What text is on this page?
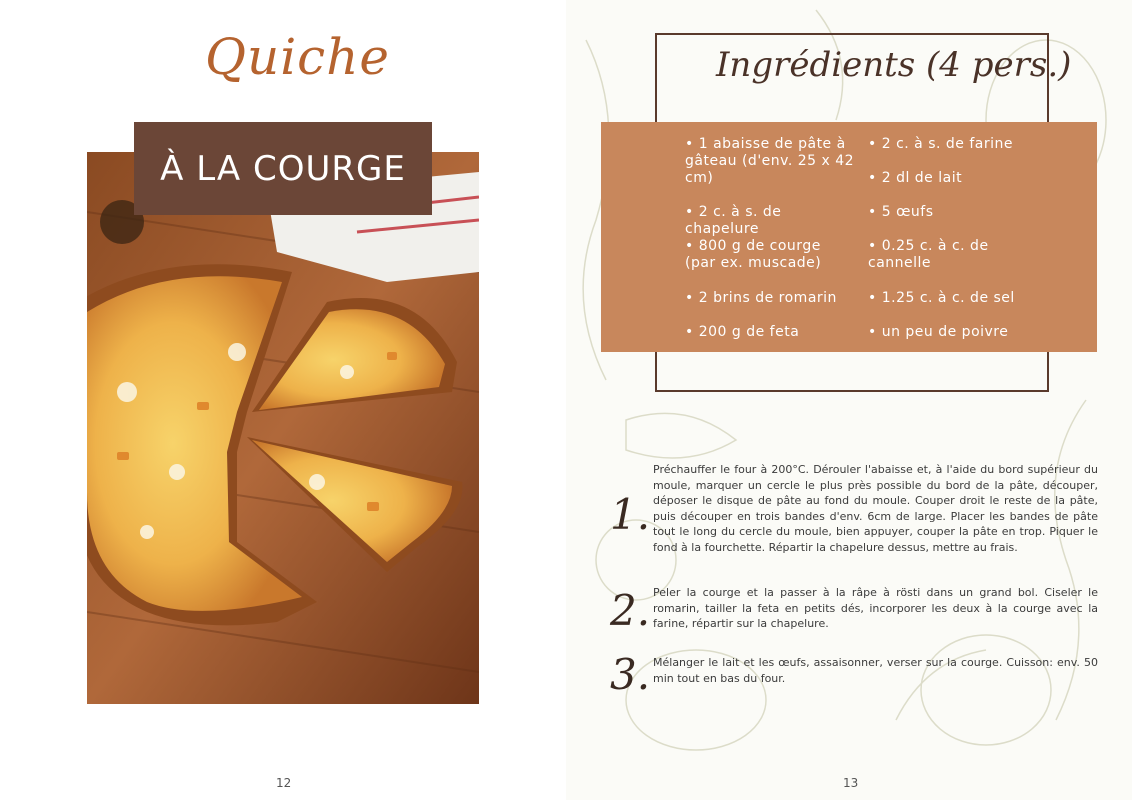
Quiche
À LA COURGE
12
Ingrédients (4 pers.)
• 1 abaisse de pâte à gâteau (d'env. 25 x 42 cm)
• 2 c. à s. de chapelure
• 800 g de courge (par ex. muscade)
• 2 brins de romarin
• 200 g de feta
• 2 c. à s. de farine
• 2 dl de lait
• 5 œufs
• 0.25 c. à c. de cannelle
• 1.25 c. à c. de sel
• un peu de poivre
1.
Préchauffer le four à 200°C. Dérouler l'abaisse et, à l'aide du bord supérieur du moule, marquer un cercle le plus près possible du bord de la pâte, découper, déposer le disque de pâte au fond du moule. Couper droit le reste de la pâte, puis découper en trois bandes d'env. 6cm de large. Placer les bandes de pâte tout le long du cercle du moule, bien appuyer, couper la pâte en trop. Piquer le fond à la fourchette. Répartir la chapelure dessus, mettre au frais.
2. Peler la courge et la passer à la râpe à rösti dans un grand bol. Ciseler le romarin, tailler la feta en petits dés, incorporer les deux à la courge avec la farine, répartir sur la chapelure.
3. Mélanger le lait et les œufs, assaisonner, verser sur la courge. Cuisson: env. 50 min tout en bas du four.
13
